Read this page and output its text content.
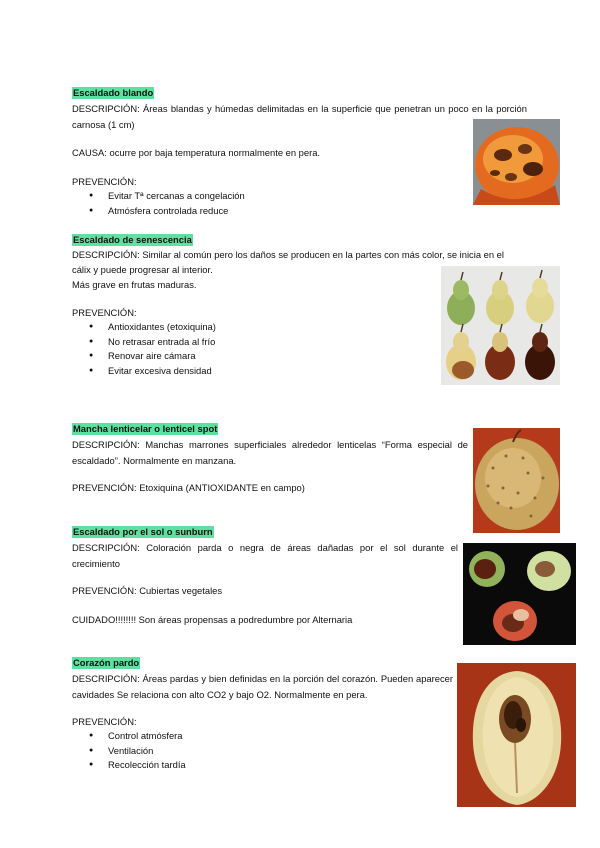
Escaldado blando
DESCRIPCIÓN: Áreas blandas y húmedas delimitadas en la superficie que penetran un poco en la porción carnosa (1 cm)
CAUSA: ocurre por baja temperatura normalmente en pera.
PREVENCIÓN:
● Evitar Tª cercanas a congelación
● Atmósfera controlada reduce
Escaldado de senescencia
DESCRIPCIÓN: Similar al común pero los daños se producen en la partes con más color, se inicia en el
cálix y puede progresar al interior.
Más grave en frutas maduras.
PREVENCIÓN:
● Antioxidantes (etoxiquina)
● No retrasar entrada al frío
● Renovar aire cámara
● Evitar excesiva densidad
Mancha lenticelar o lenticel spot
DESCRIPCIÓN: Manchas marrones superficiales alrededor lenticelas “Forma especial de escaldado”. Normalmente en manzana.
PREVENCIÓN: Etoxiquina (ANTIOXIDANTE en campo)
Escaldado por el sol o sunburn
DESCRIPCIÓN: Coloración parda o negra de áreas dañadas por el sol durante el crecimiento
PREVENCIÓN: Cubiertas vegetales
CUIDADO!!!!!!!! Son áreas propensas a podredumbre por Alternaria
Corazón pardo
DESCRIPCIÓN: Áreas pardas y bien definidas en la porción del corazón. Pueden aparecer cavidades Se relaciona con alto CO2 y bajo O2. Normalmente en pera.
PREVENCIÓN:
● Control atmósfera
● Ventilación
● Recolección tardía
